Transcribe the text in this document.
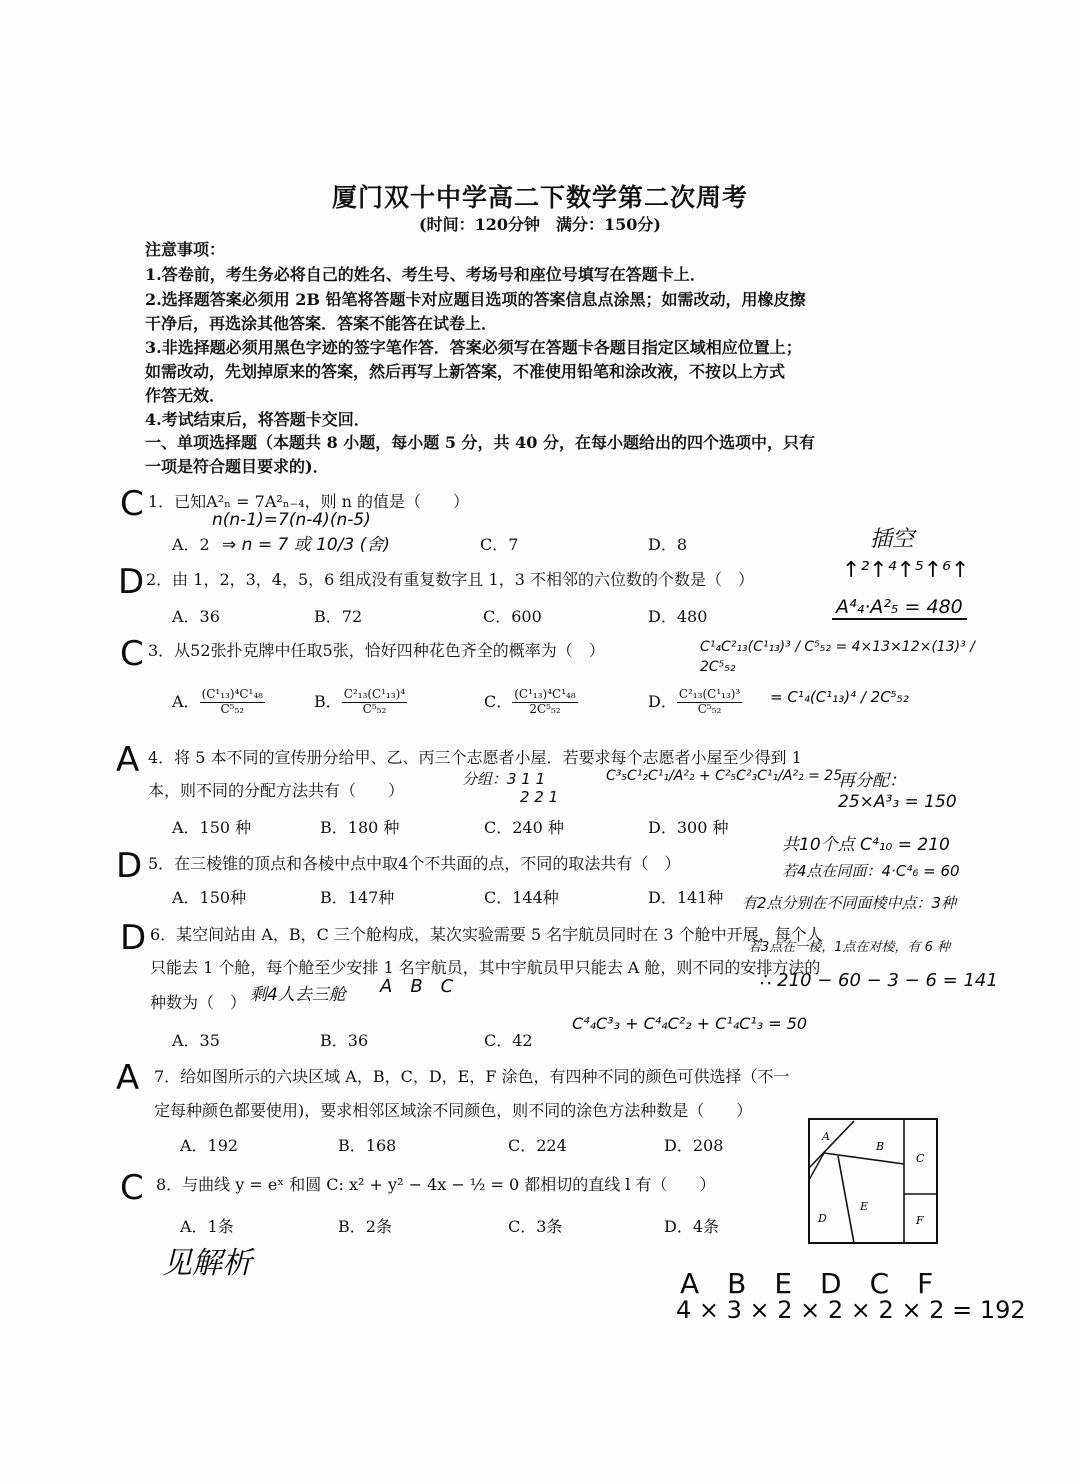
厦门双十中学高二下数学第二次周考
(时间：120分钟　满分：150分)
注意事项：
1.答卷前，考生务必将自己的姓名、考生号、考场号和座位号填写在答题卡上．
2.选择题答案必须用 2B 铅笔将答题卡对应题目选项的答案信息点涂黑；如需改动，用橡皮擦
干净后，再选涂其他答案．答案不能答在试卷上．
3.非选择题必须用黑色字迹的签字笔作答．答案必须写在答题卡各题目指定区域相应位置上；
如需改动，先划掉原来的答案，然后再写上新答案，不准使用铅笔和涂改液，不按以上方式
作答无效．
4.考试结束后，将答题卡交回．
一、单项选择题（本题共 8 小题，每小题 5 分，共 40 分，在每小题给出的四个选项中，只有
一项是符合题目要求的)．
C 1．已知A²ₙ = 7A²ₙ₋₄，则 n 的值是（　　）
n(n-1)=7(n-4)(n-5)
A．2 ⇒ n = 7 或 10/3 (舍)	C．7	D．8
D 2．由 1，2，3，4，5，6 组成没有重复数字且 1，3 不相邻的六位数的个数是（　）
插空
↑²↑⁴↑⁵↑⁶↑
A．36	B．72	C．600	D．480	A⁴₄·A²₅ = 480
C 3．从52张扑克牌中任取5张，恰好四种花色齐全的概率为（　）	C¹₄C²₁₃(C¹₁₃)³ / C⁵₅₂ = 4×13×12×(13)³ / 2C⁵₅₂
= C¹₄(C¹₁₃)⁴ / 2C⁵₅₂
A． $\frac{\text{(C¹₁₃)⁴C¹₄₈}}{\text{C⁵₅₂}}$	B． $\frac{\text{C²₁₃(C¹₁₃)⁴}}{\text{C⁵₅₂}}$	C． $\frac{\text{(C¹₁₃)⁴C¹₄₈}}{\text{2C⁵₅₂}}$	D． $\frac{\text{C²₁₃(C¹₁₃)³}}{\text{C⁵₅₂}}$
A 4．将 5 本不同的宣传册分给甲、乙、丙三个志愿者小屋．若要求每个志愿者小屋至少得到 1
本，则不同的分配方法共有（　　）
分组：3 1 1
2 2 1
C³₅C¹₂C¹₁/A²₂ + C²₅C²₃C¹₁/A²₂ = 25
再分配：
25×A³₃ = 150
A．150 种	B．180 种	C．240 种	D．300 种
D 5．在三棱锥的顶点和各棱中点中取4个不共面的点，不同的取法共有（　）
共10个点 C⁴₁₀ = 210
若4点在同面：4·C⁴₆ = 60
A．150种	B．147种	C．144种	D．141种 有2点分别在不同面棱中点：3种
D 6．某空间站由 A，B，C 三个舱构成，某次实验需要 5 名宇航员同时在 3 个舱中开展，每个人
若3点在一棱，1点在对棱，有 6 种
只能去 1 个舱，每个舱至少安排 1 名宇航员，其中宇航员甲只能去 A 舱，则不同的安排方法的
∴ 210 − 60 − 3 − 6 = 141
种数为（　） 剩4人去三舱 A　B　C
A．35	B．36	C．42
C⁴₄C³₃ + C⁴₄C²₂ + C¹₄C¹₃ = 50
A 7．给如图所示的六块区域 A，B，C，D，E，F 涂色，有四种不同的颜色可供选择（不一
定每种颜色都要使用)，要求相邻区域涂不同颜色，则不同的涂色方法种数是（　　）
A．192	B．168	C．224	D．208	A
B
C
D
E
F
C 8．与曲线 y = eˣ 和圆 C: x² + y² − 4x − ½ = 0 都相切的直线 l 有（　　）
A．1条	B．2条	C．3条	D．4条
见解析
A　B　E　D　C　F
4 × 3 × 2 × 2 × 2 × 2 = 192
